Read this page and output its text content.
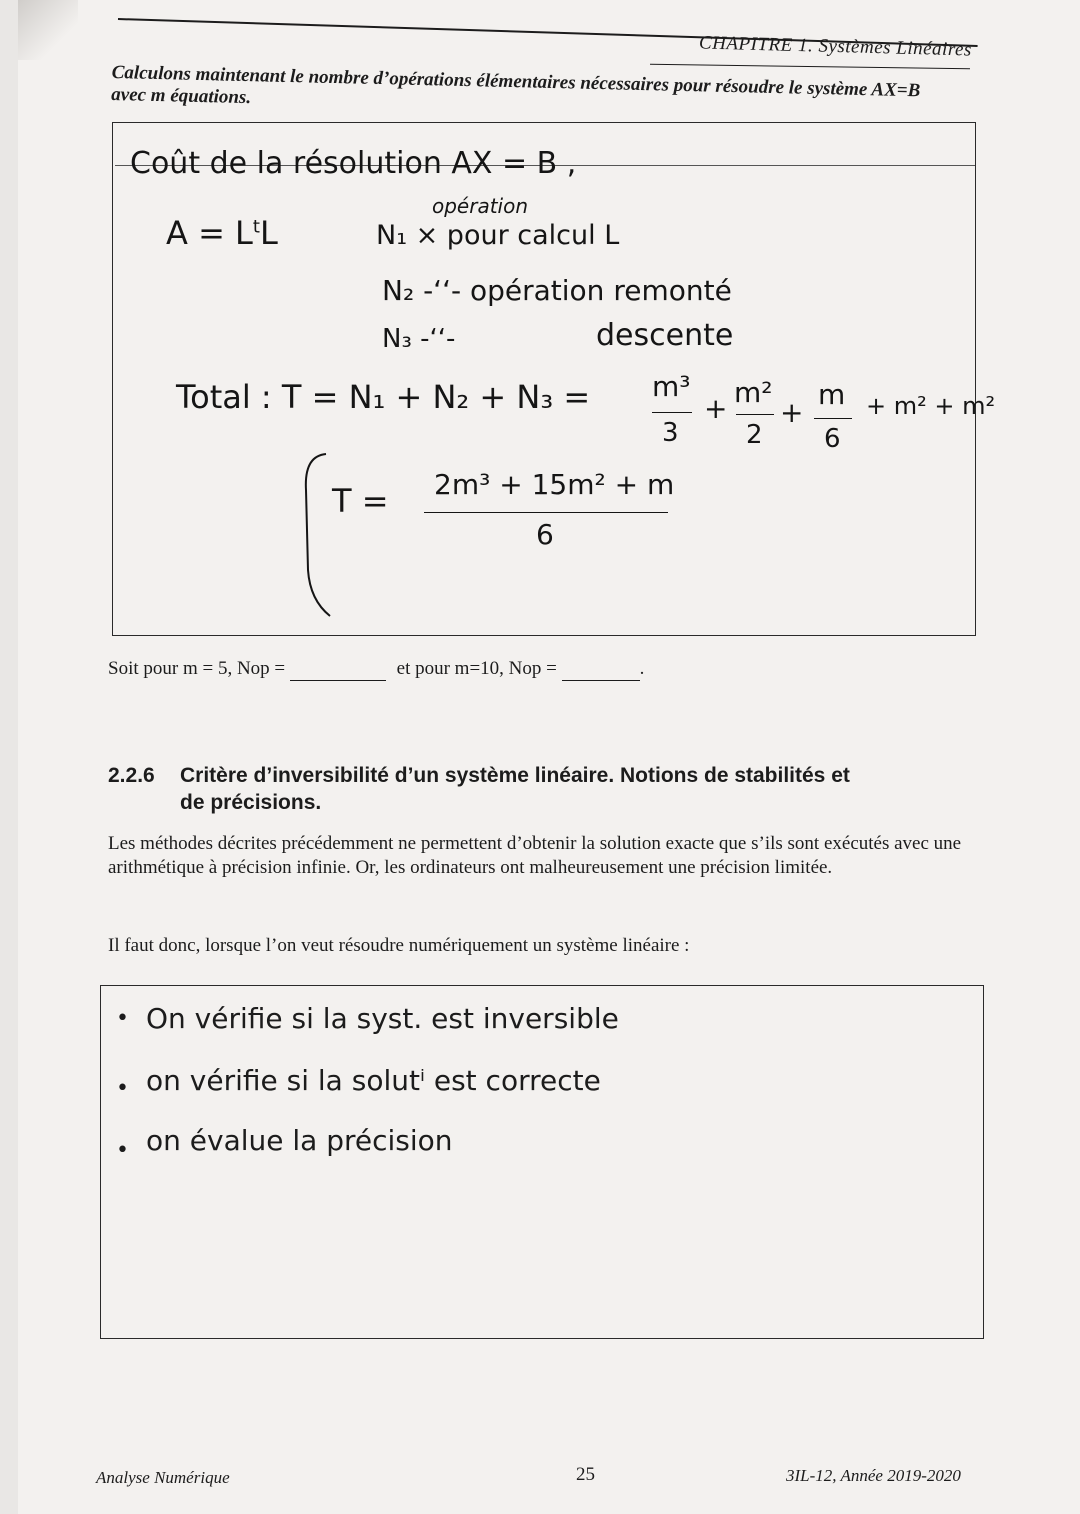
CHAPITRE 1. Systèmes Linéaires
Calculons maintenant le nombre d’opérations élémentaires nécessaires pour résoudre le système AX=B avec m équations.
Coût de la résolution AX = B ,
opération
$A = L^tL$	N₁ × pour calcul L
N₂ -‘‘- opération remonté
N₃ -‘‘-	descente
Total : T = N₁ + N₂ + N₃ = m³
3
+ m²
2
+
m
6
+ m² + m²
T = 2m³ + 15m² + m
6
Soit pour m = 5, Nop =	et pour m=10, Nop =	.
2.2.6 Critère d’inversibilité d’un système linéaire. Notions de stabilités et
de précisions.
Les méthodes décrites précédemment ne permettent d’obtenir la solution exacte que s’ils sont exécutés avec une arithmétique à précision infinie. Or, les ordinateurs ont malheureusement une précision limitée.
Il faut donc, lorsque l’on veut résoudre numériquement un système linéaire :
• On vérifie si la syst. est inversible
• on vérifie si la solutⁱ est correcte
• on évalue la précision
Analyse Numérique	25	3IL-12, Année 2019-2020
